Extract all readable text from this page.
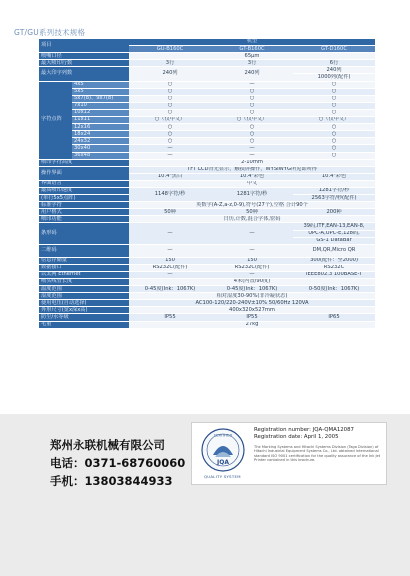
GT/GU系列技术规格
项目		机型		
		GU-B160C	GT-B160C	GT-D160C
喷嘴口径		65μm		
最大喷印行数		3行	3行	6行
最大印字列数		240列	240列	240列
				1000列(配件)
字符点阵	4x5	○	—	○
	5x5	○	○	○
	5x7(8)、9x7(8)	○	○	○
	7x10	○	○	○
	10x12	○	○	○
	11x11	○（仅中文）	○（仅中文）	○（仅中文）
	12x16	○	○	○
	18x24	○	○	○
	24x32	○	○	○
	30x40	—	—	○
	36x48	—	—	○
喷印字符高度		2-10mm		
操作界面		TFT LCD背光显示，触摸屏操作，WYSIWYG所见即所得		
		10.4"黑白	10.4"彩色	10.4"彩色
界面语言		中文		
最高喷印速度		1148字符/秒	1281字符/秒	1281字符/秒
(单行5x5点阵)				2563字符/秒(配件)
标准字符		英数字(A-Z,a-z,0-9),符号(27个),空格 合计90个		
用户格式		50种	50种	200种
喷印功能		日历,计数,混合字体,密码		
条形码		—	—	39码,ITF,EAN-13,EAN-8,
				UPC-A,UPC-E,128码,
				GS-1 DataBar
二维码		—	—	DM,QR,Micro QR
信息存储量		150	150	300(配件：至2000)
数据接口		RS232C(配件)	RS232C(配件)	RS232C
以太网 Ethernet		—	—	IEEE802.3 100BASE-T
喷头线管长度		4米(内置/90度)		
温度范围		0-45度(Ink：1067K)	0-45度(Ink：1067K)	0-50度(Ink：1067K)
湿度范围		相对湿度30-90%(非冷凝状态)		
使用电压(自动选择)		AC100-120/220-240V±10% 50/60Hz 120VA		
外形尺寸(宽x深x高)		400x320x527mm		
防尘/水等级		IP55	IP55	IP65
毛重		27kg		
郑州永联机械有限公司
电话：0371-68760060
手机：13803844933
CERTIFIED
JQA
QUALITY SYSTEM
Registration number: JQA-QMA12087
Registration date: April 1, 2005
The Marking Systems and Hitachi Systems Division (Taga Division) of Hitachi Industrial Equipment Systems Co., Ltd. obtained international standard ISO 9001 certification for the quality assurance of the Ink Jet Printer contained in this brochure.
